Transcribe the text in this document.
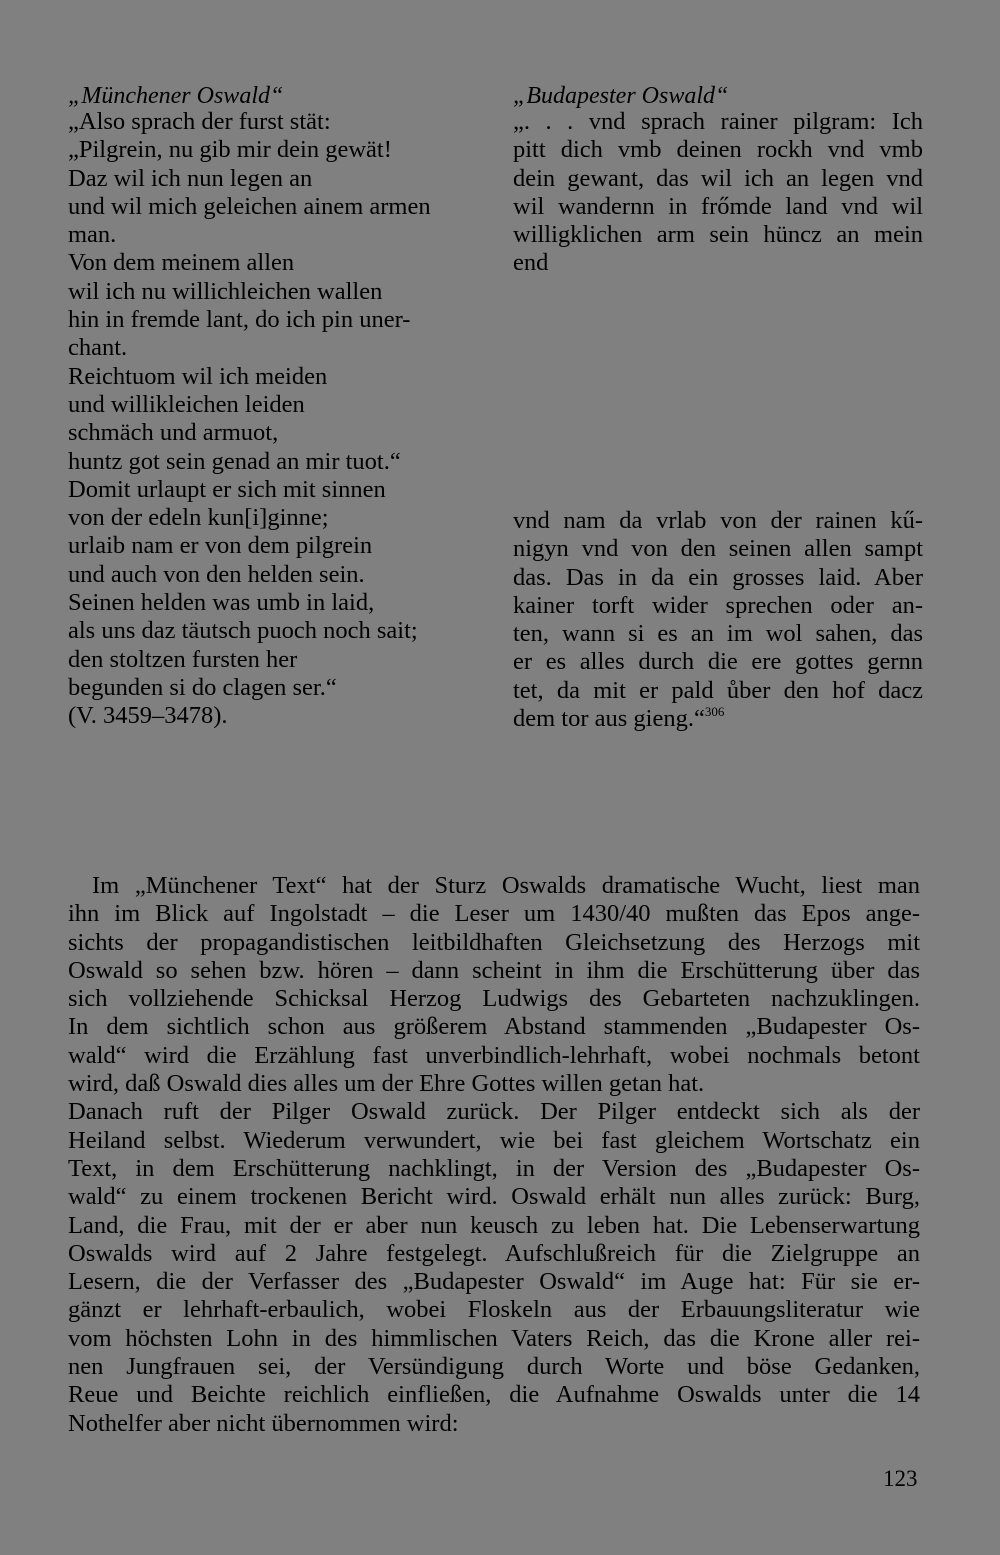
„Münchener Oswald“	„Budapester Oswald“
„Also sprach der furst stät:
„Pilgrein, nu gib mir dein gewät!
Daz wil ich nun legen an
und wil mich geleichen ainem armen
man.
Von dem meinem allen
wil ich nu willichleichen wallen
hin in fremde lant, do ich pin uner-
chant.
Reichtuom wil ich meiden
und willikleichen leiden
schmäch und armuot,
huntz got sein genad an mir tuot.“
Domit urlaupt er sich mit sinnen
von der edeln kun[i]ginne;
urlaib nam er von dem pilgrein
und auch von den helden sein.
Seinen helden was umb in laid,
als uns daz täutsch puoch noch sait;
den stoltzen fursten her
begunden si do clagen ser.“
(V. 3459–3478).
„. . . vnd sprach rainer pilgram: Ich
pitt dich vmb deinen rockh vnd vmb
dein gewant, das wil ich an legen vnd
wil wandernn in frőmde land vnd wil
willigklichen arm sein hüncz an mein
end
vnd nam da vrlab von der rainen kű-
nigyn vnd von den seinen allen sampt
das. Das in da ein grosses laid. Aber
kainer torft wider sprechen oder an-
ten, wann si es an im wol sahen, das
er es alles durch die ere gottes gernn
tet, da mit er pald ůber den hof dacz
dem tor aus gieng.“$^{306}$
Im „Münchener Text“ hat der Sturz Oswalds dramatische Wucht, liest man
ihn im Blick auf Ingolstadt – die Leser um 1430/40 mußten das Epos ange-
sichts der propagandistischen leitbildhaften Gleichsetzung des Herzogs mit
Oswald so sehen bzw. hören – dann scheint in ihm die Erschütterung über das
sich vollziehende Schicksal Herzog Ludwigs des Gebarteten nachzuklingen.
In dem sichtlich schon aus größerem Abstand stammenden „Budapester Os-
wald“ wird die Erzählung fast unverbindlich-lehrhaft, wobei nochmals betont
wird, daß Oswald dies alles um der Ehre Gottes willen getan hat.
Danach ruft der Pilger Oswald zurück. Der Pilger entdeckt sich als der
Heiland selbst. Wiederum verwundert, wie bei fast gleichem Wortschatz ein
Text, in dem Erschütterung nachklingt, in der Version des „Budapester Os-
wald“ zu einem trockenen Bericht wird. Oswald erhält nun alles zurück: Burg,
Land, die Frau, mit der er aber nun keusch zu leben hat. Die Lebenserwartung
Oswalds wird auf 2 Jahre festgelegt. Aufschlußreich für die Zielgruppe an
Lesern, die der Verfasser des „Budapester Oswald“ im Auge hat: Für sie er-
gänzt er lehrhaft-erbaulich, wobei Floskeln aus der Erbauungsliteratur wie
vom höchsten Lohn in des himmlischen Vaters Reich, das die Krone aller rei-
nen Jungfrauen sei, der Versündigung durch Worte und böse Gedanken,
Reue und Beichte reichlich einfließen, die Aufnahme Oswalds unter die 14
Nothelfer aber nicht übernommen wird:
123
